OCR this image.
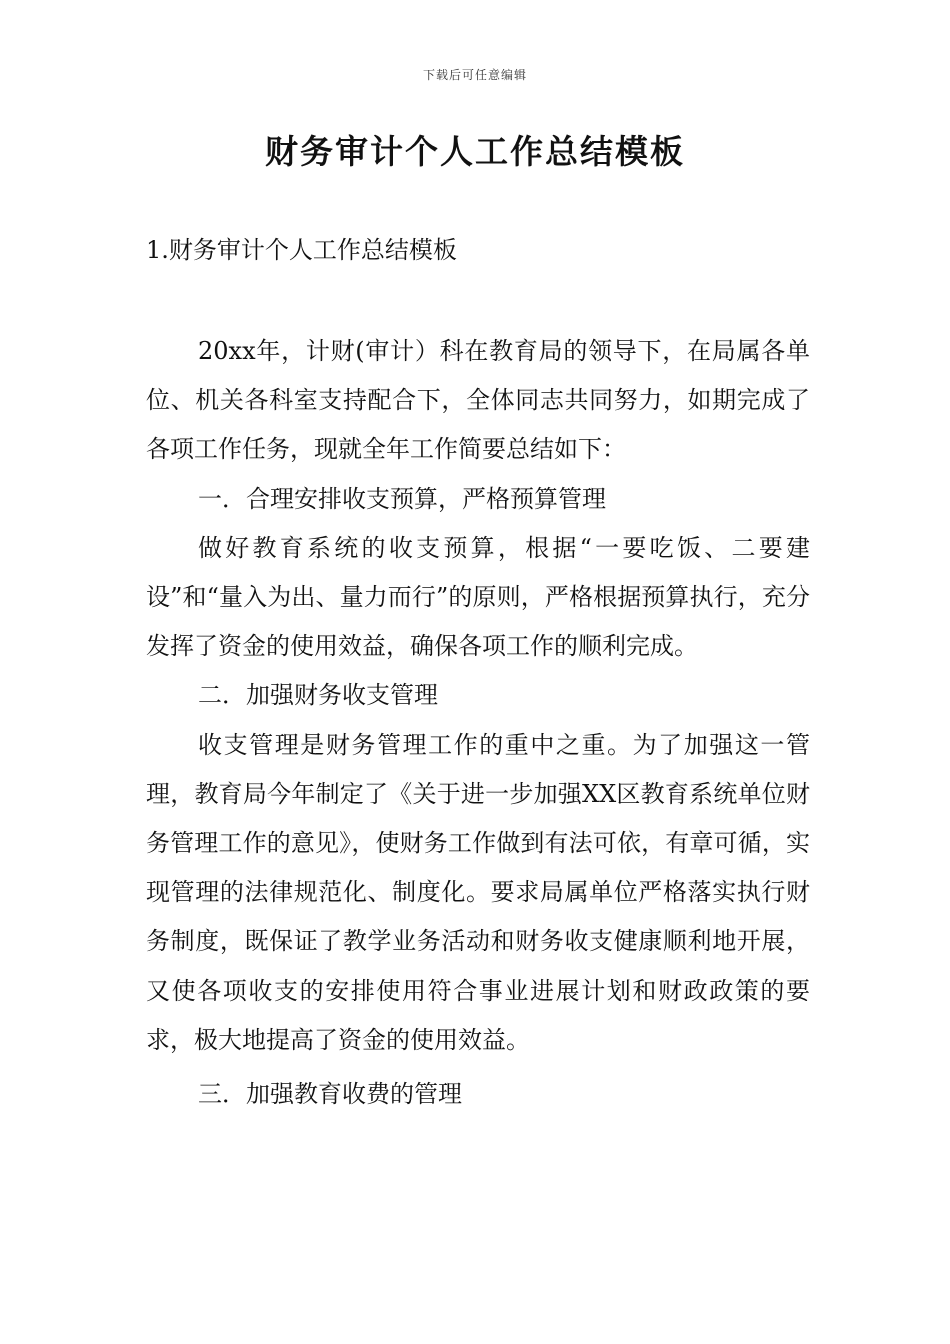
下载后可任意编辑
财务审计个人工作总结模板
1.财务审计个人工作总结模板

20xx年，计财(审计）科在教育局的领导下，在局属各单位、机关各科室支持配合下，全体同志共同努力，如期完成了各项工作任务，现就全年工作简要总结如下：

一．合理安排收支预算，严格预算管理

做好教育系统的收支预算，根据“一要吃饭、二要建设”和“量入为出、量力而行”的原则，严格根据预算执行，充分发挥了资金的使用效益，确保各项工作的顺利完成。

二．加强财务收支管理

收支管理是财务管理工作的重中之重。为了加强这一管理，教育局今年制定了《关于进一步加强XX区教育系统单位财务管理工作的意见》，使财务工作做到有法可依，有章可循，实现管理的法律规范化、制度化。要求局属单位严格落实执行财务制度，既保证了教学业务活动和财务收支健康顺利地开展，又使各项收支的安排使用符合事业进展计划和财政政策的要求，极大地提高了资金的使用效益。

三．加强教育收费的管理
